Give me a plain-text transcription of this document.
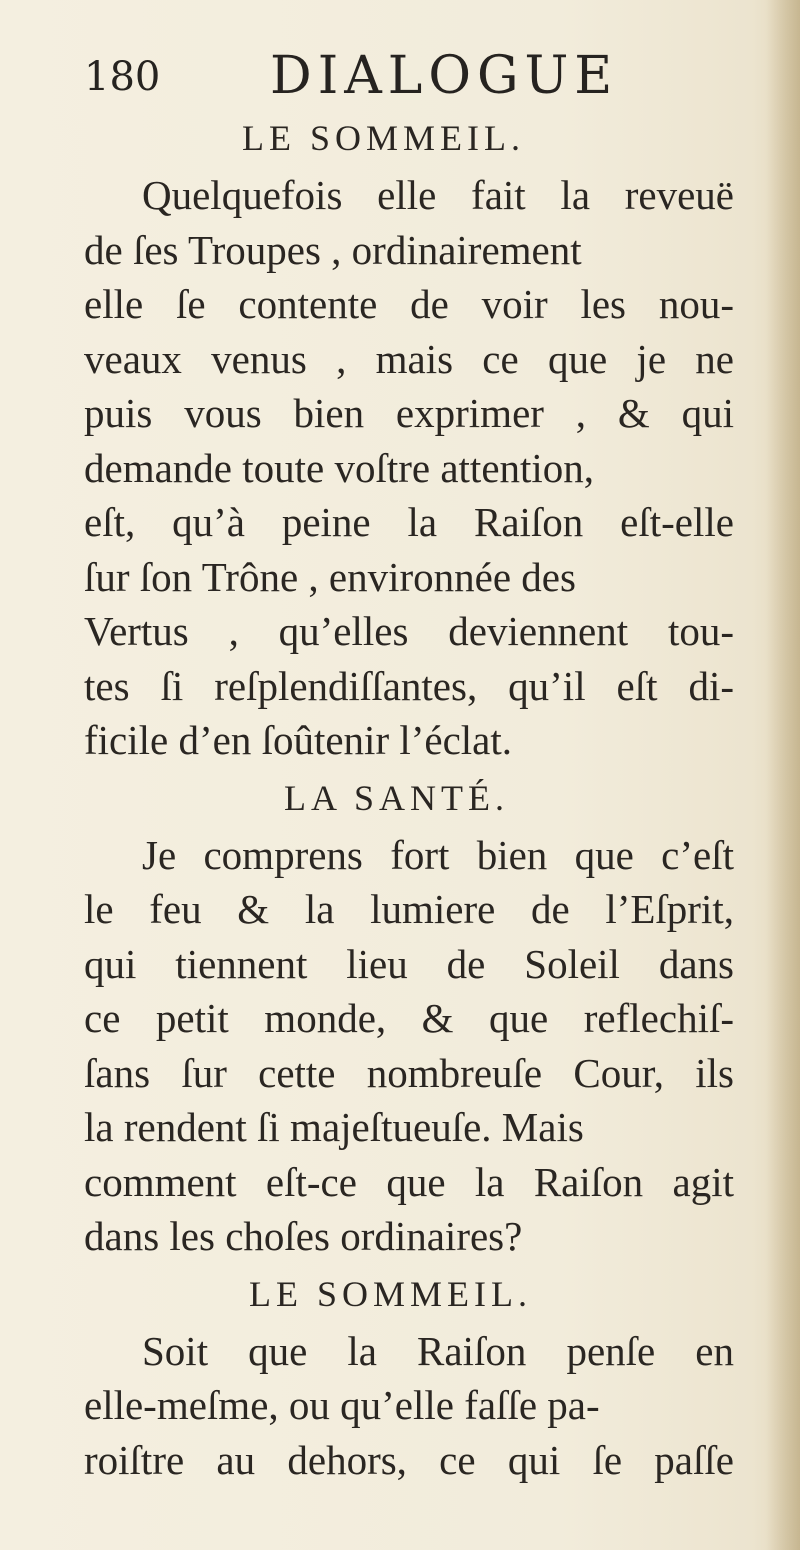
180 DIALOGUE
LE SOMMEIL.
Quelquefois elle fait la reveuë
de ſes Troupes , ordinairement
elle ſe contente de voir les nou-
veaux venus , mais ce que je ne
puis vous bien exprimer , & qui
demande toute voſtre attention,
eſt, qu’à peine la Raiſon eſt-elle
ſur ſon Trône , environnée des
Vertus , qu’elles deviennent tou-
tes ſi reſplendiſſantes, qu’il eſt di-
ficile d’en ſoûtenir l’éclat.
LA SANTÉ.
Je comprens fort bien que c’eſt
le feu & la lumiere de l’Eſprit,
qui tiennent lieu de Soleil dans
ce petit monde, & que reflechiſ-
ſans ſur cette nombreuſe Cour, ils
la rendent ſi majeſtueuſe. Mais
comment eſt-ce que la Raiſon agit
dans les choſes ordinaires?
LE SOMMEIL.
Soit que la Raiſon penſe en
elle-meſme, ou qu’elle faſſe pa-
roiſtre au dehors, ce qui ſe paſſe
